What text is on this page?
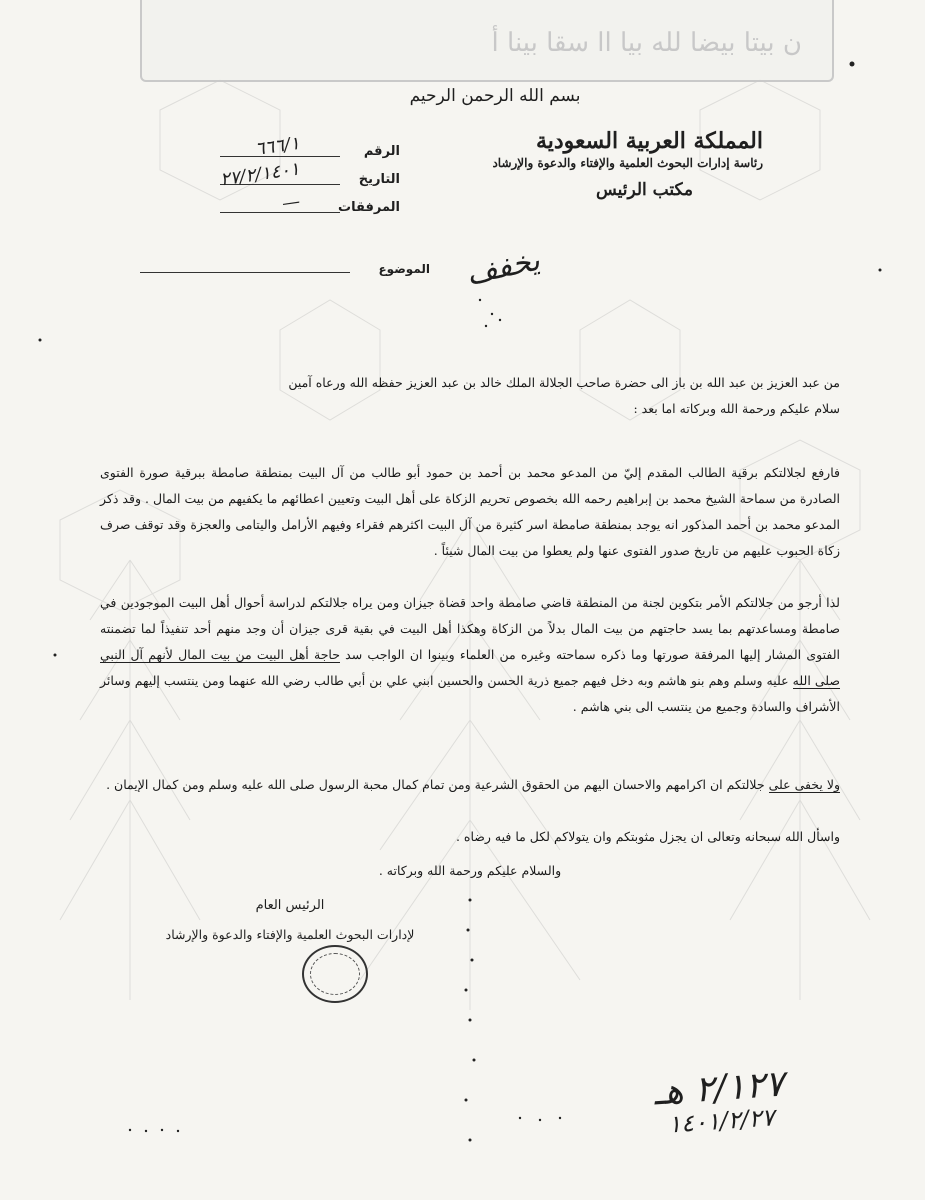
ن بيتا بيضا لله بيا اا سقا بينا أ
بسم الله الرحمن الرحيم
المملكة العربية السعودية
رئاسة إدارات البحوث العلمية والإفتاء والدعوة والإرشاد
مكتب الرئيس
الرقم
٦٦٦/١
التاريخ
٢٧/٢/١٤٠١
المرفقات
—
الموضوع يخفف

من عبد العزيز بن عبد الله بن باز الى حضرة صاحب الجلالة الملك خالد بن عبد العزيز حفظه الله ورعاه آمين

سلام عليكم ورحمة الله وبركاته اما بعد :

فارفع لجلالتكم برقية الطالب المقدم إليّ من المدعو محمد بن أحمد بن حمود أبو طالب من آل البيت بمنطقة صامطة ببرقية صورة الفتوى الصادرة من سماحة الشيخ محمد بن إبراهيم رحمه الله بخصوص تحريم الزكاة على أهل البيت وتعيين اعطائهم ما يكفيهم من بيت المال . وقد ذكر المدعو محمد بن أحمد المذكور انه يوجد بمنطقة صامطة اسر كثيرة من آل البيت اكثرهم فقراء وفيهم الأرامل واليتامى والعجزة وقد توقف صرف زكاة الحبوب عليهم من تاريخ صدور الفتوى عنها ولم يعطوا من بيت المال شيئاً .

لذا أرجو من جلالتكم الأمر بتكوين لجنة من المنطقة قاضي صامطة واحد قضاة جيزان ومن يراه جلالتكم لدراسة أحوال أهل البيت الموجودين في صامطة ومساعدتهم بما يسد حاجتهم من بيت المال بدلاً من الزكاة وهكذا أهل البيت في بقية قرى جيزان أن وجد منهم أحد تنفيذاً لما تضمنته الفتوى المشار إليها المرفقة صورتها وما ذكره سماحته وغيره من العلماء وبينوا ان الواجب سد حاجة أهل البيت من بيت المال لأنهم آل النبي صلى الله عليه وسلم وهم بنو هاشم وبه دخل فيهم جميع ذرية الحسن والحسين ابني علي بن أبي طالب رضي الله عنهما ومن ينتسب إليهم وسائر الأشراف والسادة وجميع من ينتسب الى بني هاشم .

ولا يخفى على جلالتكم ان اكرامهم والاحسان اليهم من الحقوق الشرعية ومن تمام كمال محبة الرسول صلى الله عليه وسلم ومن كمال الإيمان .

واسأل الله سبحانه وتعالى ان يجزل مثوبتكم وان يتولاكم لكل ما فيه رضاه .

والسلام عليكم ورحمة الله وبركاته .

الرئيس العام
لإدارات البحوث العلمية والإفتاء والدعوة والإرشاد
٢/١٢٧ هـ
١٤٠١/٢/٢٧
